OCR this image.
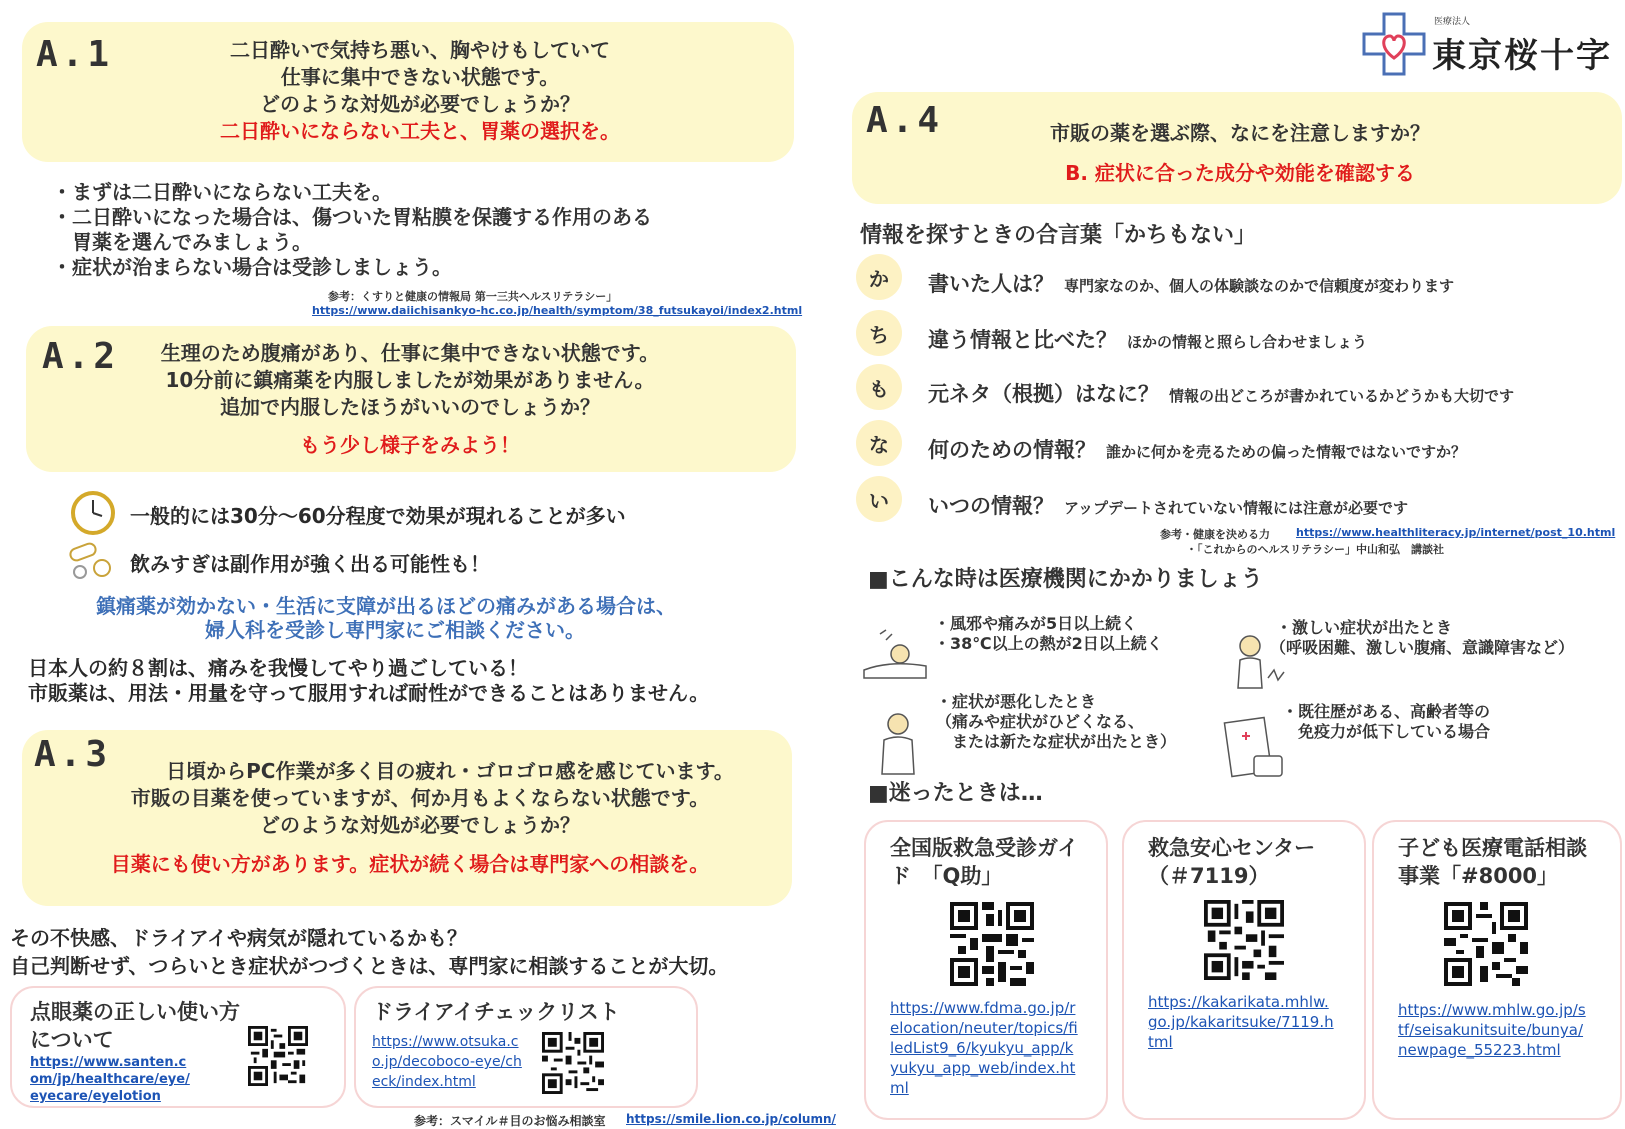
医療法人
東京桜十字
A.1	二日酔いで気持ち悪い、胸やけもしていて
仕事に集中できない状態です。
どのような対処が必要でしょうか？
二日酔いにならない工夫と、胃薬の選択を。
・まずは二日酔いにならない工夫を。
・二日酔いになった場合は、傷ついた胃粘膜を保護する作用のある
　胃薬を選んでみましょう。
・症状が治まらない場合は受診しましょう。
参考：くすりと健康の情報局 第一三共ヘルスリテラシー」
https://www.daiichisankyo-hc.co.jp/health/symptom/38_futsukayoi/index2.html
A.2	生理のため腹痛があり、仕事に集中できない状態です。
10分前に鎮痛薬を内服しましたが効果がありません。
追加で内服したほうがいいのでしょうか？
もう少し様子をみよう！
一般的には30分～60分程度で効果が現れることが多い
飲みすぎは副作用が強く出る可能性も！
鎮痛薬が効かない・生活に支障が出るほどの痛みがある場合は、
婦人科を受診し専門家にご相談ください。
日本人の約８割は、痛みを我慢してやり過ごしている！
市販薬は、用法・用量を守って服用すれば耐性ができることはありません。
A.3	日頃からPC作業が多く目の疲れ・ゴロゴロ感を感じています。
市販の目薬を使っていますが、何か月もよくならない状態です。
どのような対処が必要でしょうか？
目薬にも使い方があります。症状が続く場合は専門家への相談を。
その不快感、ドライアイや病気が隠れているかも？
自己判断せず、つらいとき症状がつづくときは、専門家に相談することが大切。
点眼薬の正しい使い方について
https://www.santen.com/jp/healthcare/eye/eyecare/eyelotion
ドライアイチェックリスト
https://www.otsuka.co.jp/decoboco-eye/check/index.html
参考：スマイル＃目のお悩み相談室 https://smile.lion.co.jp/column/
A.4	市販の薬を選ぶ際、なにを注意しますか？
B. 症状に合った成分や効能を確認する
情報を探すときの合言葉「かちもない」
か	書いた人は？ 専門家なのか、個人の体験談なのかで信頼度が変わります
ち	違う情報と比べた？ ほかの情報と照らし合わせましょう
も	元ネタ（根拠）はなに？ 情報の出どころが書かれているかどうかも大切です
な	何のための情報？ 誰かに何かを売るための偏った情報ではないですか？
い	いつの情報？ アップデートされていない情報には注意が必要です
参考・健康を決める力 https://www.healthliteracy.jp/internet/post_10.html
・「これからのヘルスリテラシー」中山和弘　講談社
■こんな時は医療機関にかかりましょう
・風邪や痛みが5日以上続く
・38℃以上の熱が2日以上続く
・激しい症状が出たとき
（呼吸困難、激しい腹痛、意識障害など）
・症状が悪化したとき
（痛みや症状がひどくなる、
　または新たな症状が出たとき）
・既往歴がある、高齢者等の
　免疫力が低下している場合
■迷ったときは…
全国版救急受診ガイド　「Q助」
https://www.fdma.go.jp/relocation/neuter/topics/filedList9_6/kyukyu_app/kyukyu_app_web/index.html
救急安心センター（＃7119）
https://kakarikata.mhlw.go.jp/kakaritsuke/7119.html
子ども医療電話相談事業「#8000」
https://www.mhlw.go.jp/stf/seisakunitsuite/bunya/newpage_55223.html
